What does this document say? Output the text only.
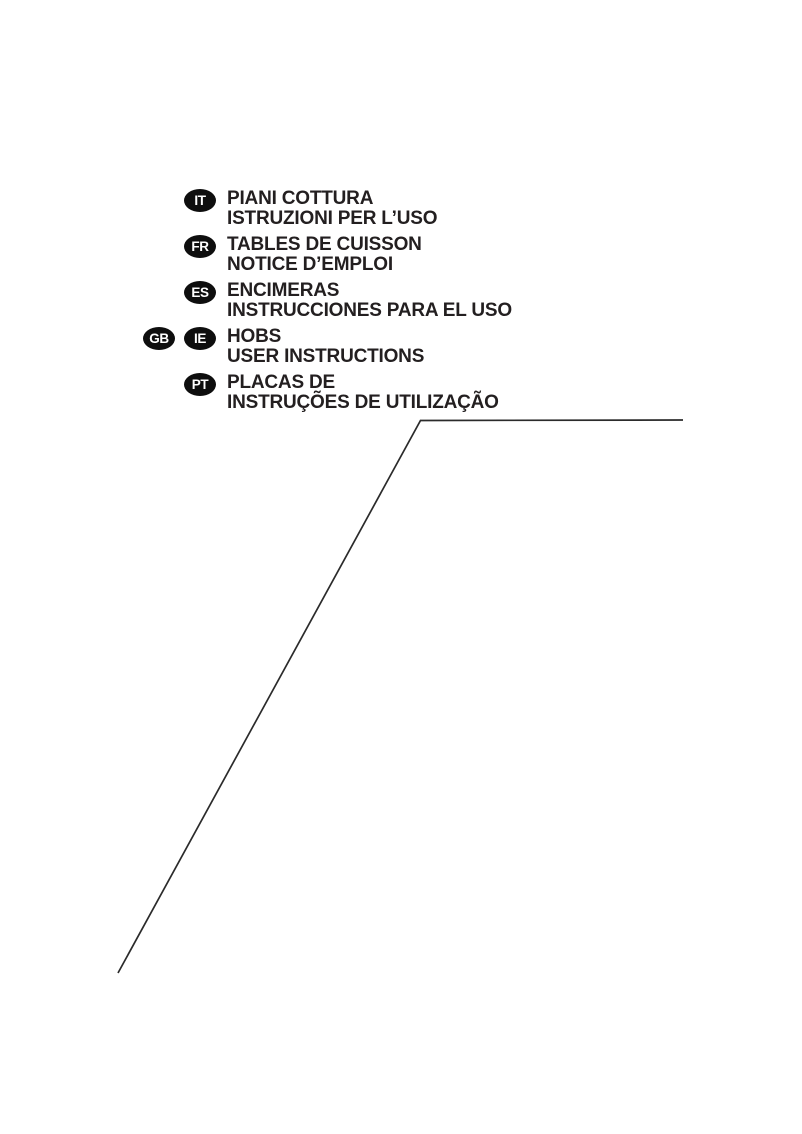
IT	PIANI COTTURA
ISTRUZIONI PER L’USO
FR TABLES DE CUISSON
NOTICE D’EMPLOI
ES ENCIMERAS
INSTRUCCIONES PARA EL USO
GB	IE	HOBS
USER INSTRUCTIONS
PT PLACAS DE
INSTRUÇÕES DE UTILIZAÇÃO
